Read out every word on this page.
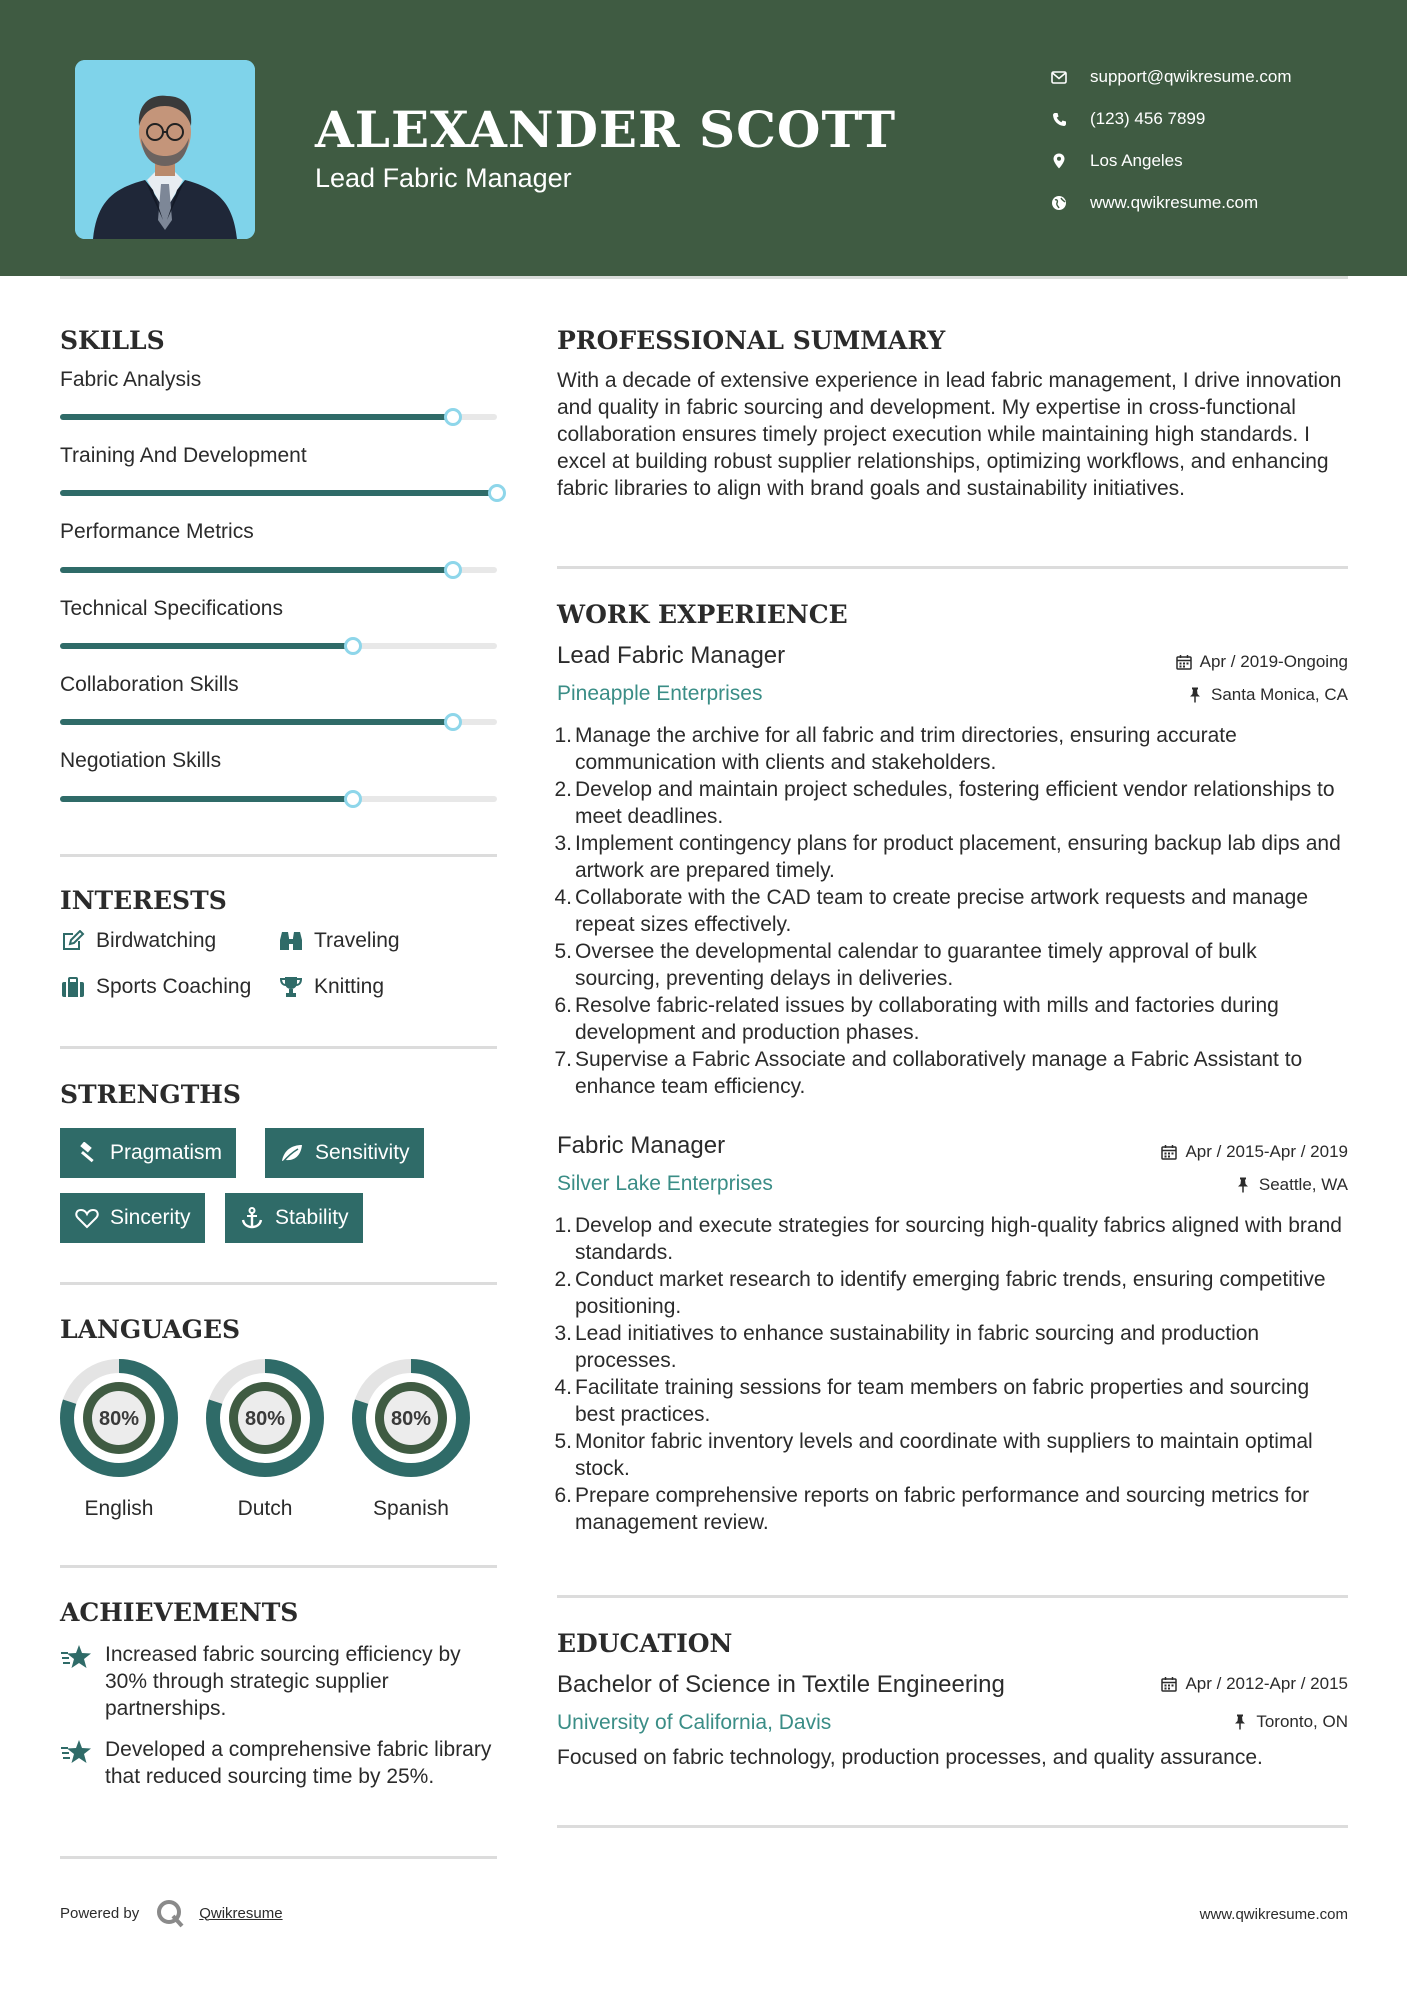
ALEXANDER SCOTT
Lead Fabric Manager
support@qwikresume.com
(123) 456 7899
Los Angeles
www.qwikresume.com
SKILLS
Fabric Analysis
Training And Development
Performance Metrics
Technical Specifications
Collaboration Skills
Negotiation Skills
INTERESTS
Birdwatching	Traveling
Sports Coaching	Knitting
STRENGTHS
Pragmatism	Sensitivity
Sincerity	Stability
LANGUAGES
80%
English
80%
Dutch
80%
Spanish
ACHIEVEMENTS
Increased fabric sourcing efficiency by 30% through strategic supplier partnerships.
Developed a comprehensive fabric library that reduced sourcing time by 25%.
PROFESSIONAL SUMMARY
With a decade of extensive experience in lead fabric management, I drive innovation and quality in fabric sourcing and development. My expertise in cross-functional collaboration ensures timely project execution while maintaining high standards. I excel at building robust supplier relationships, optimizing workflows, and enhancing fabric libraries to align with brand goals and sustainability initiatives.
WORK EXPERIENCE
Lead Fabric Manager	Apr / 2019-Ongoing
Pineapple Enterprises	Santa Monica, CA
1. Manage the archive for all fabric and trim directories, ensuring accurate communication with clients and stakeholders.
2. Develop and maintain project schedules, fostering efficient vendor relationships to meet deadlines.
3. Implement contingency plans for product placement, ensuring backup lab dips and artwork are prepared timely.
4. Collaborate with the CAD team to create precise artwork requests and manage repeat sizes effectively.
5. Oversee the developmental calendar to guarantee timely approval of bulk sourcing, preventing delays in deliveries.
6. Resolve fabric-related issues by collaborating with mills and factories during development and production phases.
7. Supervise a Fabric Associate and collaboratively manage a Fabric Assistant to enhance team efficiency.
Fabric Manager	Apr / 2015-Apr / 2019
Silver Lake Enterprises	Seattle, WA
1. Develop and execute strategies for sourcing high-quality fabrics aligned with brand standards.
2. Conduct market research to identify emerging fabric trends, ensuring competitive positioning.
3. Lead initiatives to enhance sustainability in fabric sourcing and production processes.
4. Facilitate training sessions for team members on fabric properties and sourcing best practices.
5. Monitor fabric inventory levels and coordinate with suppliers to maintain optimal stock.
6. Prepare comprehensive reports on fabric performance and sourcing metrics for management review.
EDUCATION
Bachelor of Science in Textile Engineering	Apr / 2012-Apr / 2015
University of California, Davis	Toronto, ON
Focused on fabric technology, production processes, and quality assurance.
Powered by	Qwikresume	www.qwikresume.com
